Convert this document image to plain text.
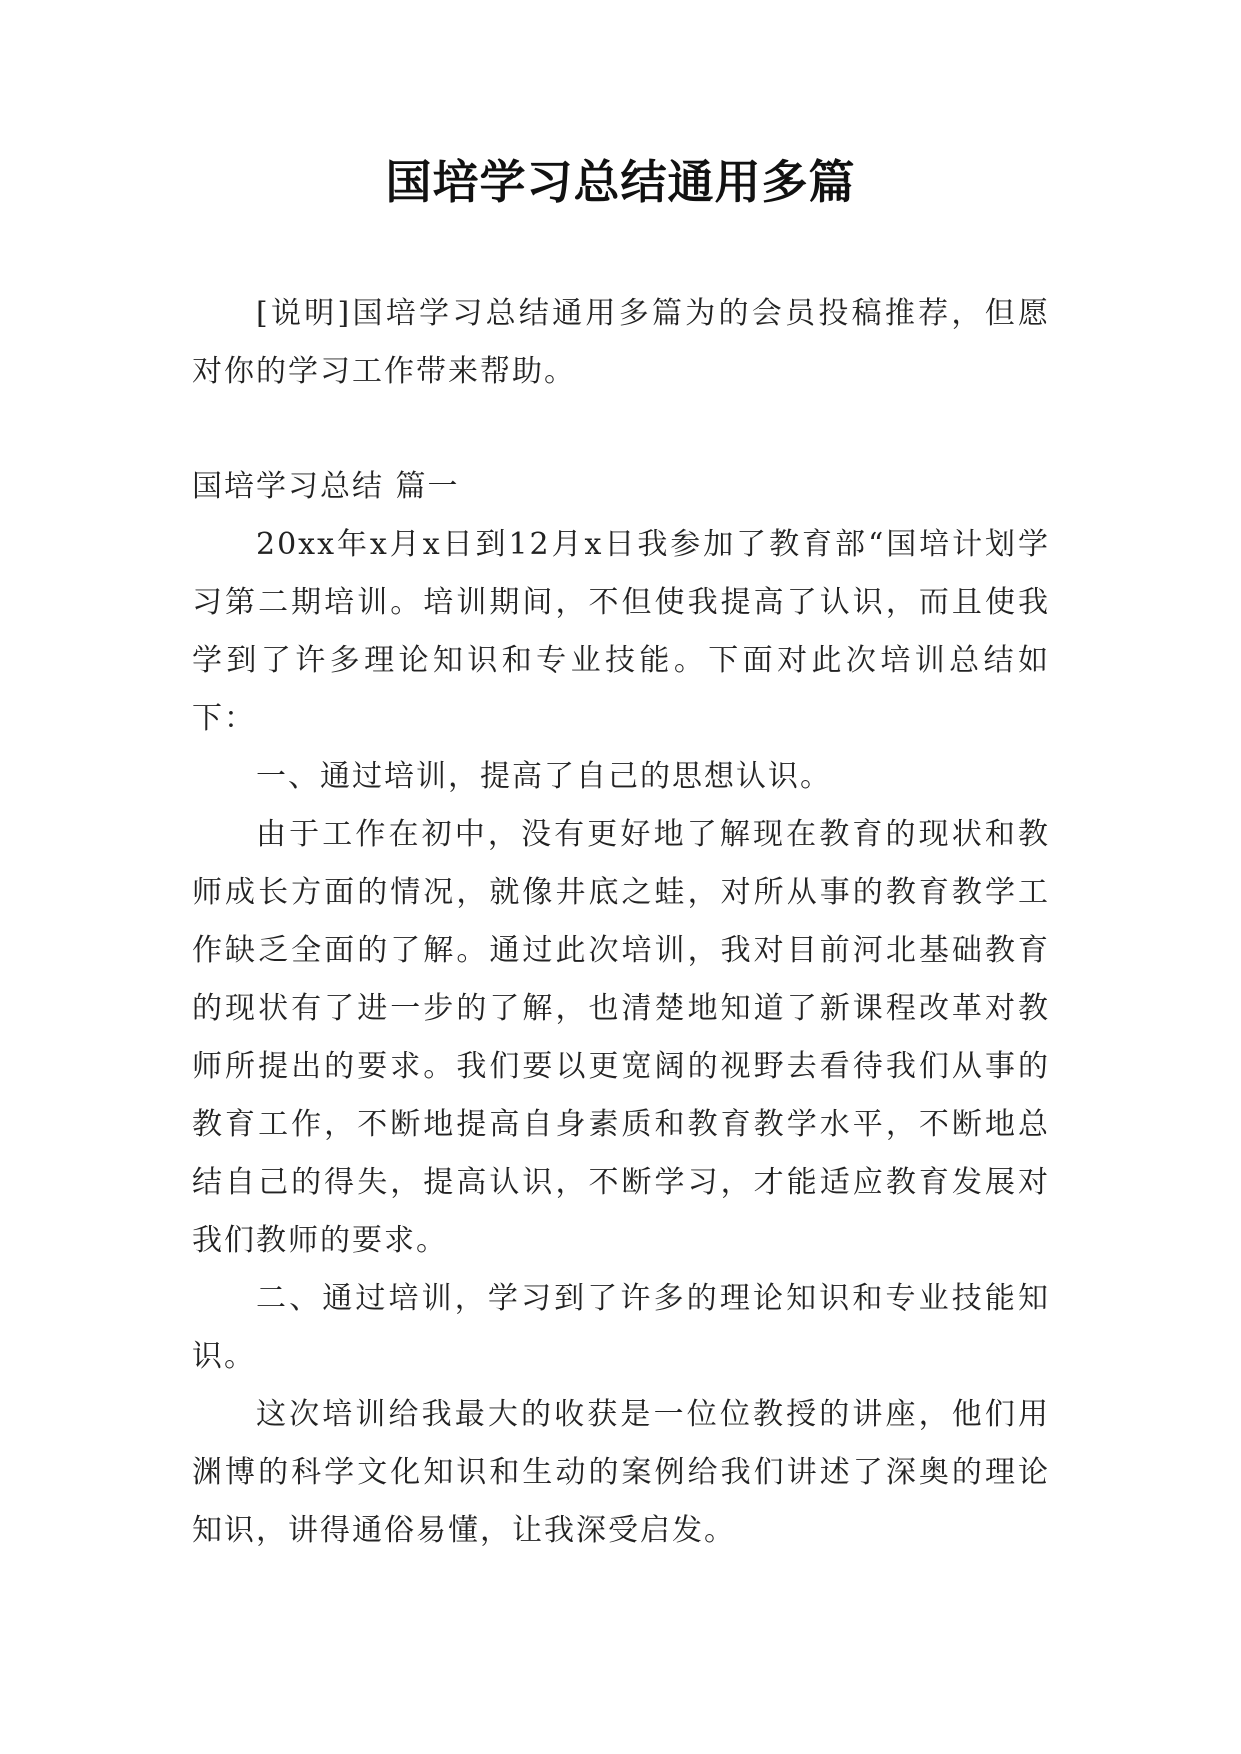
国培学习总结通用多篇

[说明]国培学习总结通用多篇为的会员投稿推荐，但愿对你的学习工作带来帮助。

国培学习总结 篇一

20xx年x月x日到12月x日我参加了教育部“国培计划学习第二期培训。培训期间，不但使我提高了认识，而且使我学到了许多理论知识和专业技能。下面对此次培训总结如下：

一、通过培训，提高了自己的思想认识。

由于工作在初中，没有更好地了解现在教育的现状和教师成长方面的情况，就像井底之蛙，对所从事的教育教学工作缺乏全面的了解。通过此次培训，我对目前河北基础教育的现状有了进一步的了解，也清楚地知道了新课程改革对教师所提出的要求。我们要以更宽阔的视野去看待我们从事的教育工作，不断地提高自身素质和教育教学水平，不断地总结自己的得失，提高认识，不断学习，才能适应教育发展对我们教师的要求。

二、通过培训，学习到了许多的理论知识和专业技能知识。

这次培训给我最大的收获是一位位教授的讲座，他们用渊博的科学文化知识和生动的案例给我们讲述了深奥的理论知识，讲得通俗易懂，让我深受启发。
